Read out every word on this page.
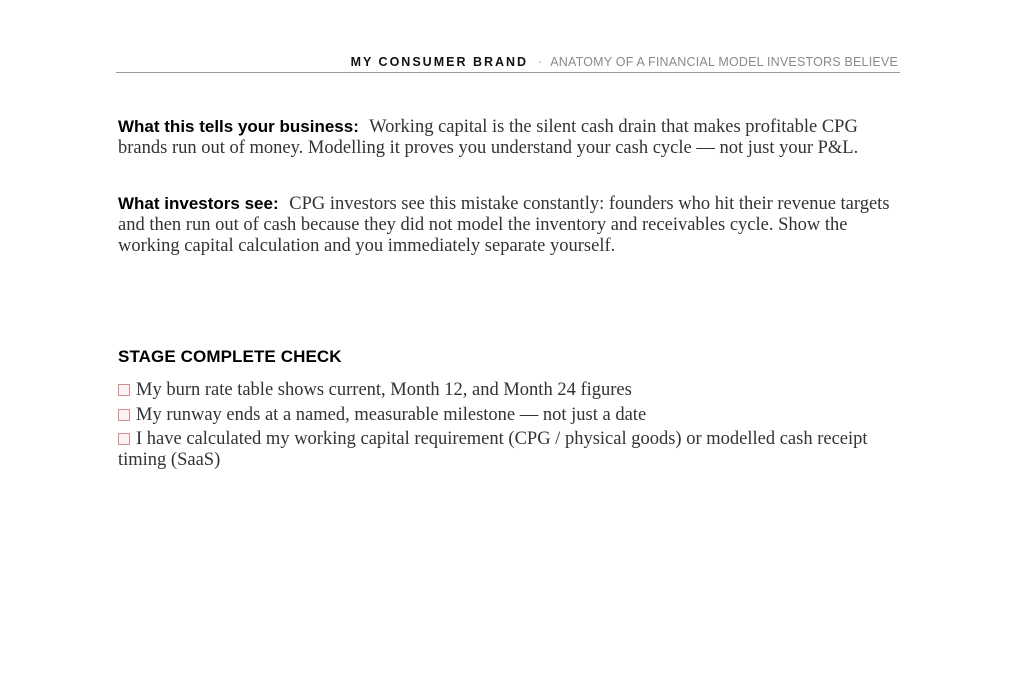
MY CONSUMER BRAND · ANATOMY OF A FINANCIAL MODEL INVESTORS BELIEVE
What this tells your business: Working capital is the silent cash drain that makes profitable CPG brands run out of money. Modelling it proves you understand your cash cycle — not just your P&L.
What investors see: CPG investors see this mistake constantly: founders who hit their revenue targets and then run out of cash because they did not model the inventory and receivables cycle. Show the working capital calculation and you immediately separate yourself.
STAGE COMPLETE CHECK
My burn rate table shows current, Month 12, and Month 24 figures
My runway ends at a named, measurable milestone — not just a date
I have calculated my working capital requirement (CPG / physical goods) or modelled cash receipt timing (SaaS)
